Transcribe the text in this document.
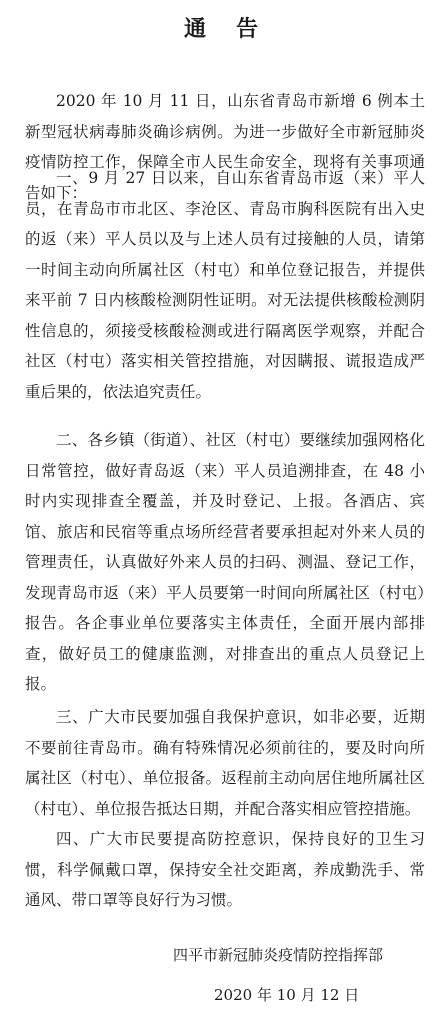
通告

2020 年 10 月 11 日，山东省青岛市新增 6 例本土新型冠状病毒肺炎确诊病例。为进一步做好全市新冠肺炎疫情防控工作，保障全市人民生命安全，现将有关事项通告如下：

一、9 月 27 日以来，自山东省青岛市返（来）平人员，在青岛市市北区、李沧区、青岛市胸科医院有出入史的返（来）平人员以及与上述人员有过接触的人员，请第一时间主动向所属社区（村屯）和单位登记报告，并提供来平前 7 日内核酸检测阴性证明。对无法提供核酸检测阴性信息的，须接受核酸检测或进行隔离医学观察，并配合社区（村屯）落实相关管控措施，对因瞒报、谎报造成严重后果的，依法追究责任。

二、各乡镇（街道）、社区（村屯）要继续加强网格化日常管控，做好青岛返（来）平人员追溯排查，在 48 小时内实现排查全覆盖，并及时登记、上报。各酒店、宾馆、旅店和民宿等重点场所经营者要承担起对外来人员的管理责任，认真做好外来人员的扫码、测温、登记工作，发现青岛市返（来）平人员要第一时间向所属社区（村屯）报告。各企事业单位要落实主体责任，全面开展内部排查，做好员工的健康监测，对排查出的重点人员登记上报。

三、广大市民要加强自我保护意识，如非必要，近期不要前往青岛市。确有特殊情况必须前往的，要及时向所属社区（村屯）、单位报备。返程前主动向居住地所属社区（村屯）、单位报告抵达日期，并配合落实相应管控措施。

四、广大市民要提高防控意识，保持良好的卫生习惯，科学佩戴口罩，保持安全社交距离，养成勤洗手、常通风、带口罩等良好行为习惯。

四平市新冠肺炎疫情防控指挥部
2020 年 10 月 12 日
